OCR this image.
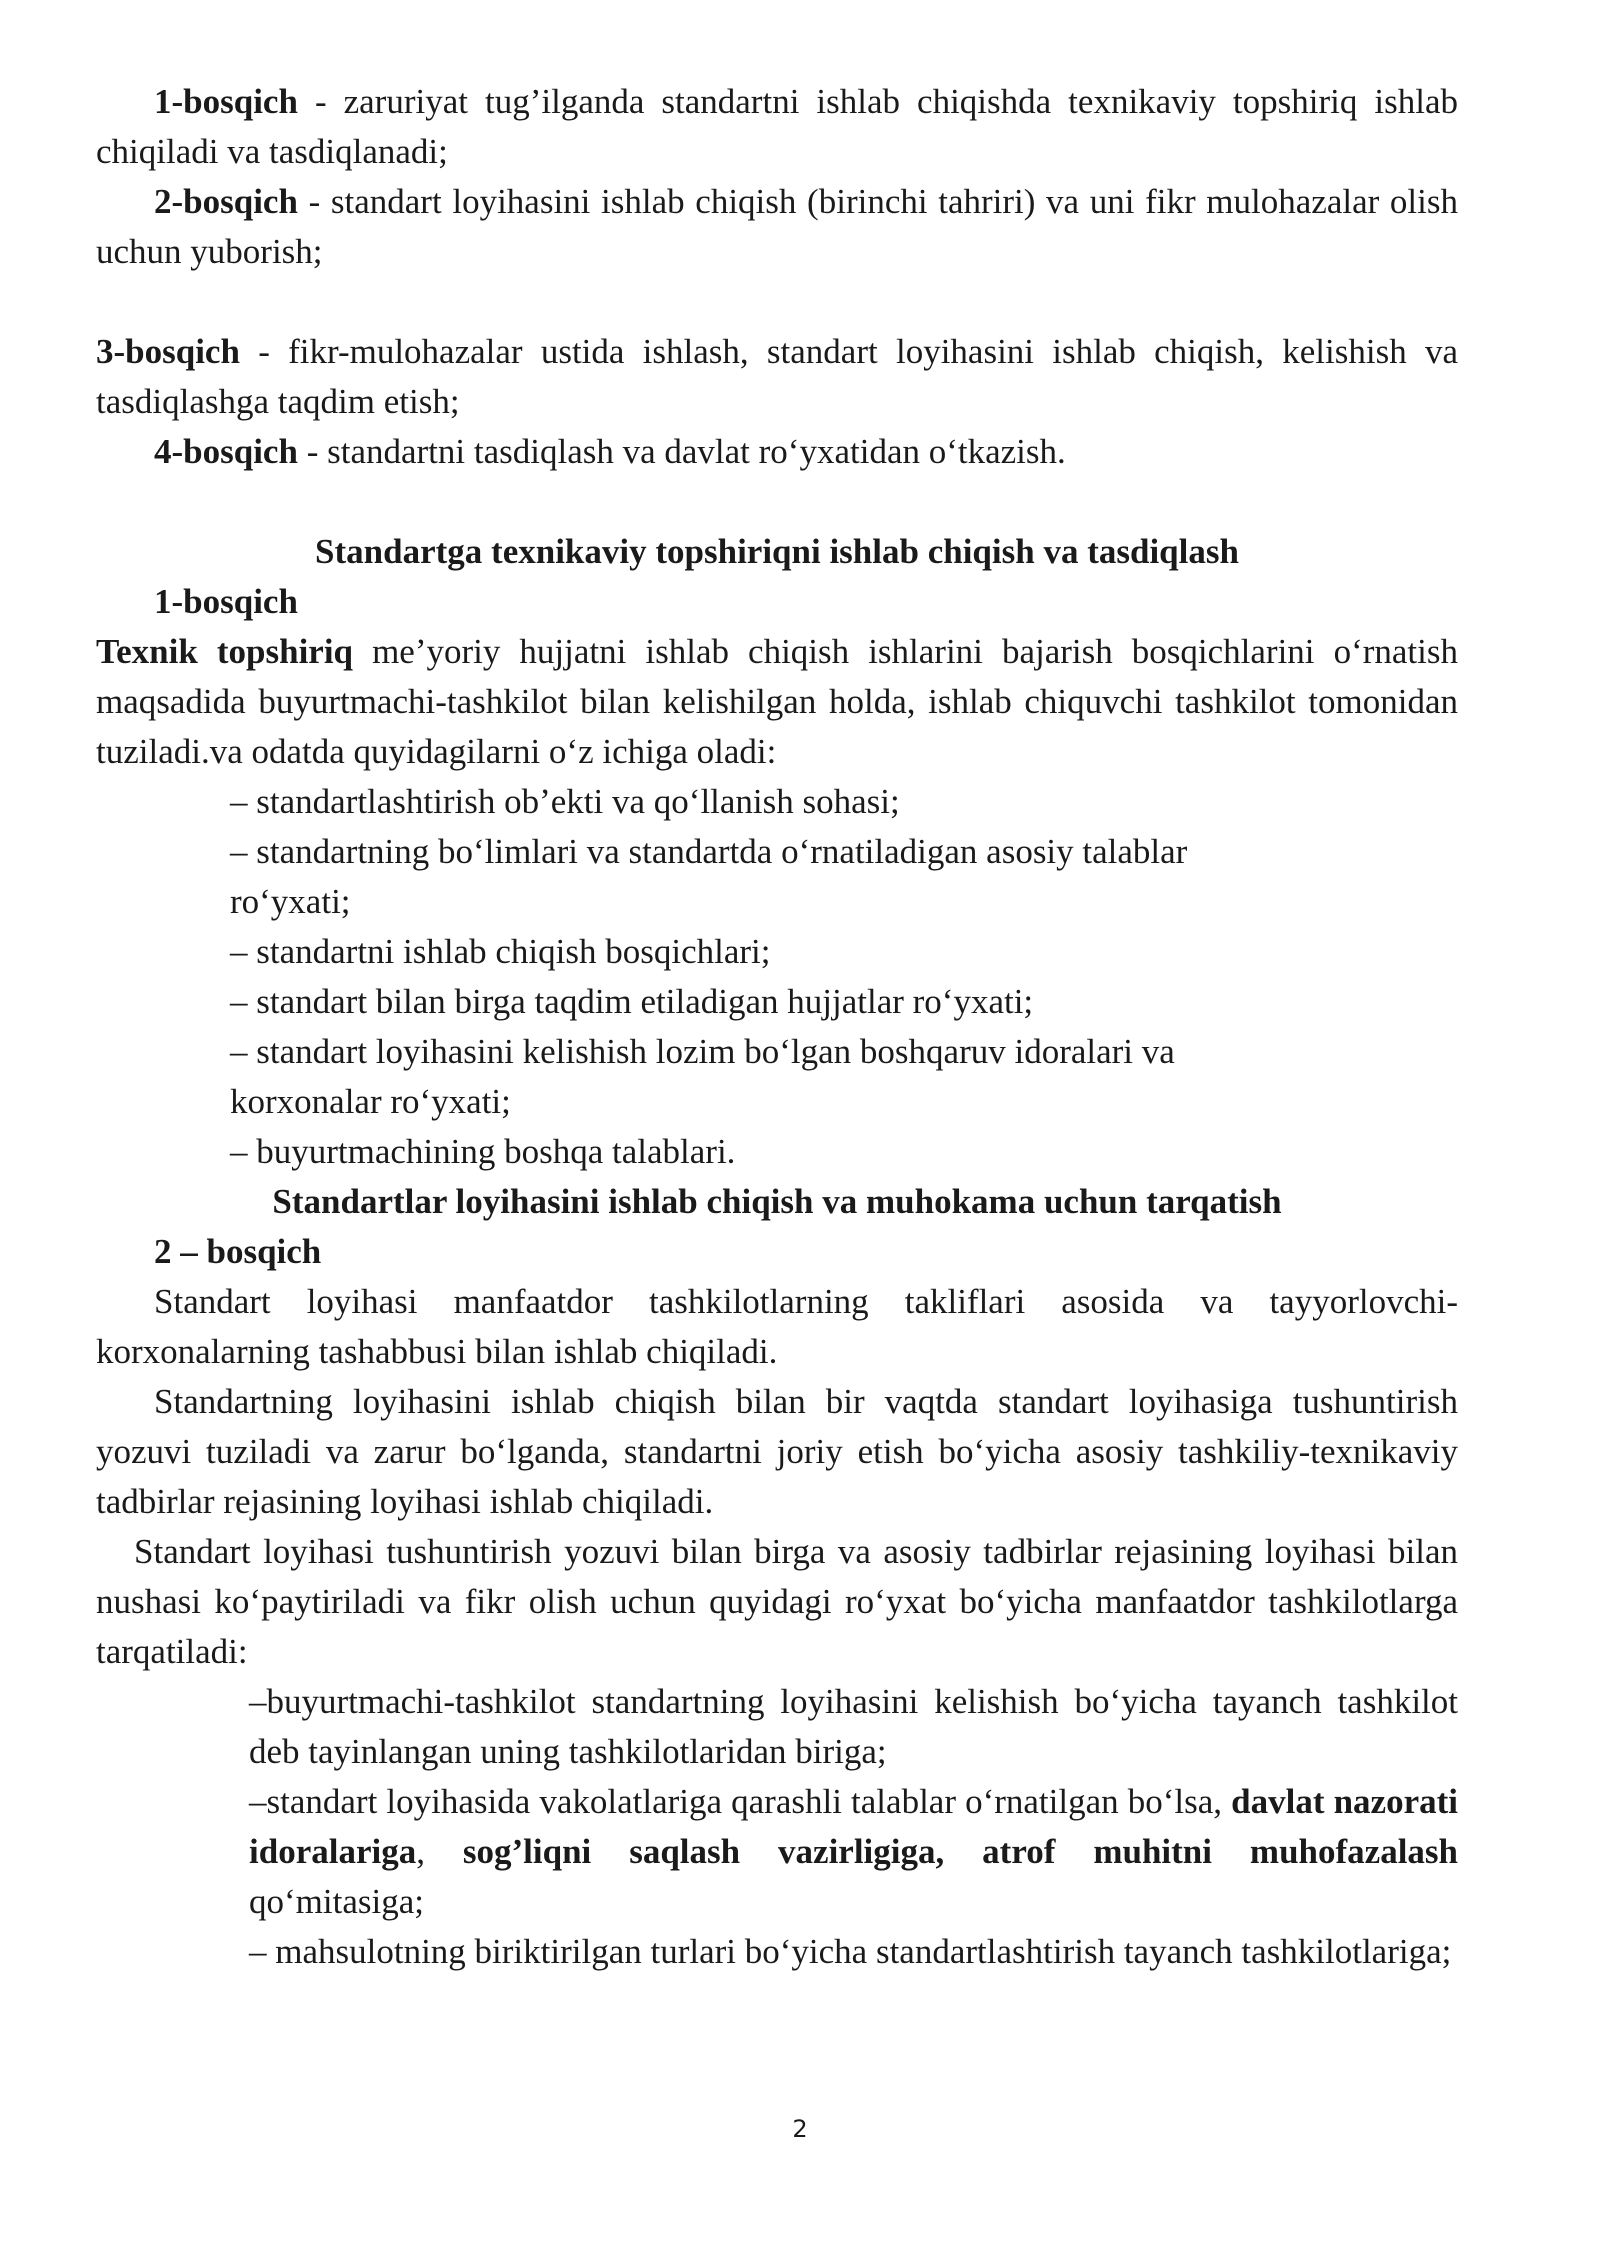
1-bosqich - zaruriyat tug’ilganda standartni ishlab chiqishda texnikaviy topshiriq ishlab chiqiladi va tasdiqlanadi;

2-bosqich - standart loyihasini ishlab chiqish (birinchi tahriri) va uni fikr mulohazalar olish uchun yuborish;

3-bosqich - fikr-mulohazalar ustida ishlash, standart loyihasini ishlab chiqish, kelishish va tasdiqlashga taqdim etish;

4-bosqich - standartni tasdiqlash va davlat roʻyxatidan oʻtkazish.

Standartga texnikaviy topshiriqni ishlab chiqish va tasdiqlash

1-bosqich

Texnik topshiriq meʼyoriy hujjatni ishlab chiqish ishlarini bajarish bosqichlarini oʻrnatish maqsadida buyurtmachi-tashkilot bilan kelishilgan holda, ishlab chiquvchi tashkilot tomonidan tuziladi.va odatda quyidagilarni oʻz ichiga oladi:

– standartlashtirish obʼekti va qoʻllanish sohasi;

– standartning boʻlimlari va standartda oʻrnatiladigan asosiy talablar roʻyxati;

– standartni ishlab chiqish bosqichlari;

– standart bilan birga taqdim etiladigan hujjatlar roʻyxati;

– standart loyihasini kelishish lozim boʻlgan boshqaruv idoralari va korxonalar roʻyxati;

– buyurtmachining boshqa talablari.

Standartlar loyihasini ishlab chiqish va muhokama uchun tarqatish

2 – bosqich

Standart loyihasi manfaatdor tashkilotlarning takliflari asosida va tayyorlovchi-korxonalarning tashabbusi bilan ishlab chiqiladi.

Standartning loyihasini ishlab chiqish bilan bir vaqtda standart loyihasiga tushuntirish yozuvi tuziladi va zarur boʻlganda, standartni joriy etish boʻyicha asosiy tashkiliy-texnikaviy tadbirlar rejasining loyihasi ishlab chiqiladi.

Standart loyihasi tushuntirish yozuvi bilan birga va asosiy tadbirlar rejasining loyihasi bilan nushasi koʻpaytiriladi va fikr olish uchun quyidagi roʻyxat boʻyicha manfaatdor tashkilotlarga tarqatiladi:

–buyurtmachi-tashkilot standartning loyihasini kelishish boʻyicha tayanch tashkilot deb tayinlangan uning tashkilotlaridan biriga;

–standart loyihasida vakolatlariga qarashli talablar oʻrnatilgan boʻlsa, davlat nazorati idoralariga, sog’liqni saqlash vazirligiga, atrof muhitni muhofazalash qoʻmitasiga;

– mahsulotning biriktirilgan turlari boʻyicha standartlashtirish tayanch tashkilotlariga;

2
